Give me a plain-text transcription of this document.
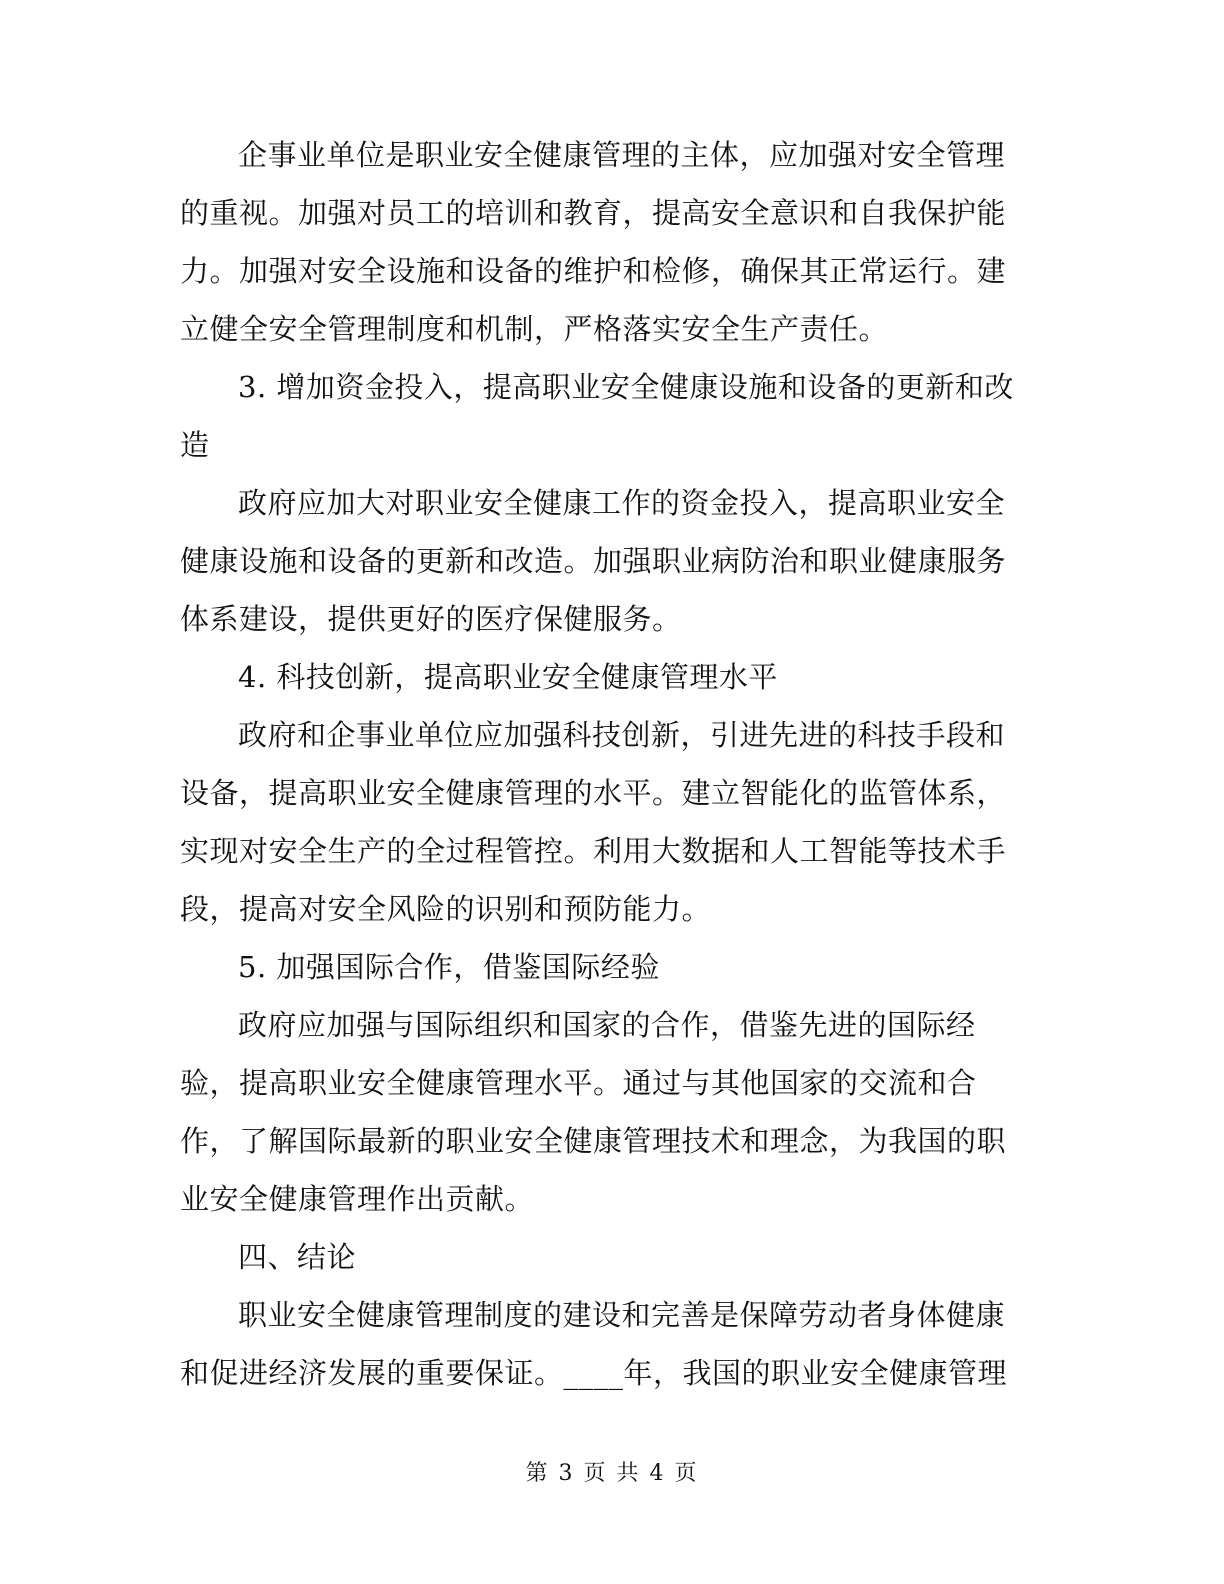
企事业单位是职业安全健康管理的主体，应加强对安全管理
的重视。加强对员工的培训和教育，提高安全意识和自我保护能
力。加强对安全设施和设备的维护和检修，确保其正常运行。建
立健全安全管理制度和机制，严格落实安全生产责任。
3. 增加资金投入，提高职业安全健康设施和设备的更新和改
造
政府应加大对职业安全健康工作的资金投入，提高职业安全
健康设施和设备的更新和改造。加强职业病防治和职业健康服务
体系建设，提供更好的医疗保健服务。
4. 科技创新，提高职业安全健康管理水平
政府和企事业单位应加强科技创新，引进先进的科技手段和
设备，提高职业安全健康管理的水平。建立智能化的监管体系，
实现对安全生产的全过程管控。利用大数据和人工智能等技术手
段，提高对安全风险的识别和预防能力。
5. 加强国际合作，借鉴国际经验
政府应加强与国际组织和国家的合作，借鉴先进的国际经
验，提高职业安全健康管理水平。通过与其他国家的交流和合
作，了解国际最新的职业安全健康管理技术和理念，为我国的职
业安全健康管理作出贡献。
四、结论
职业安全健康管理制度的建设和完善是保障劳动者身体健康
和促进经济发展的重要保证。____年，我国的职业安全健康管理
第 3 页 共 4 页
